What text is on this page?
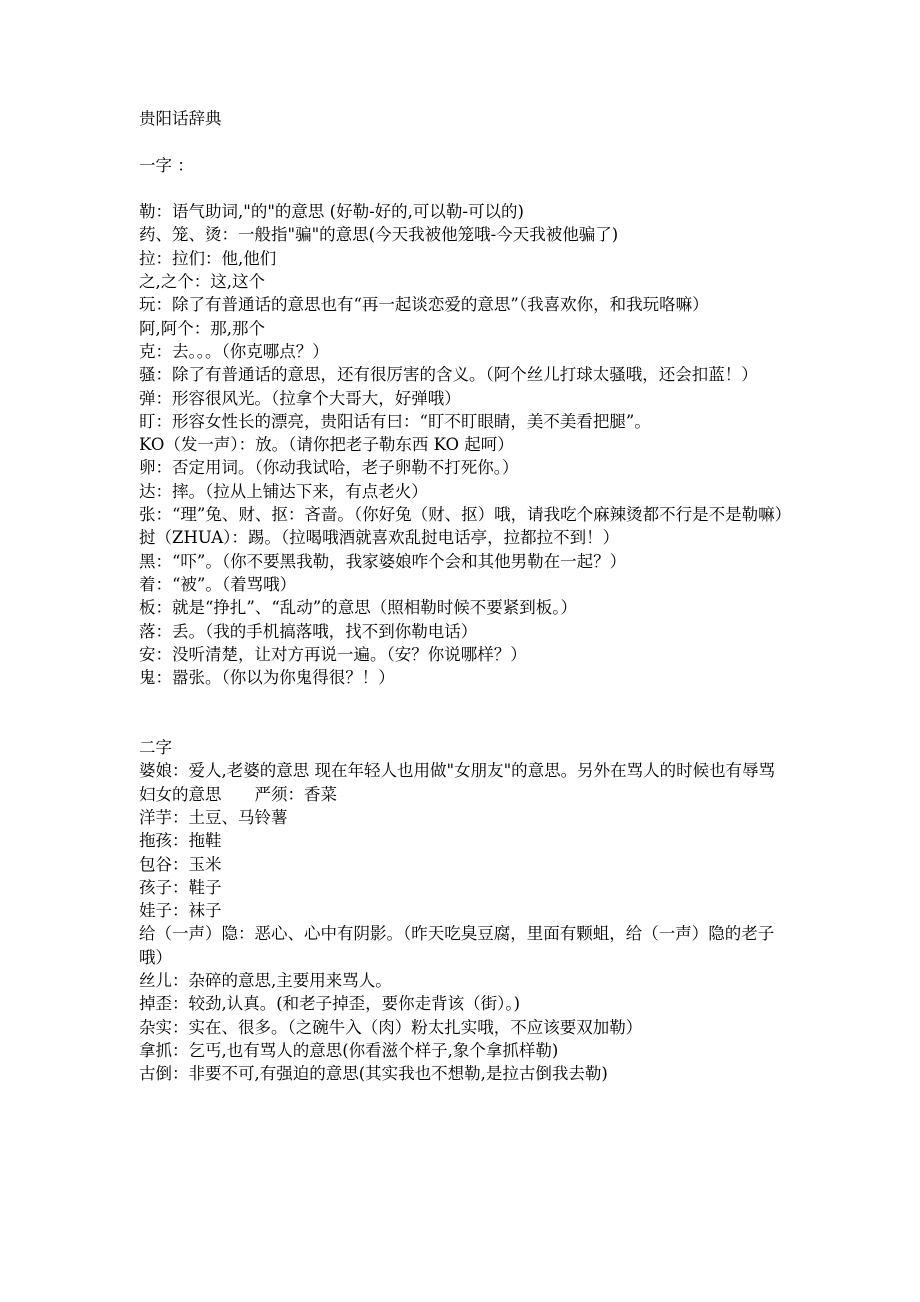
贵阳话辞典

一字 ：

勒：语气助词,"的"的意思 (好勒-好的,可以勒-可以的)

药、笼、烫：一般指"骗"的意思(今天我被他笼哦-今天我被他骗了)

拉：拉们：他,他们

之,之个：这,这个

玩：除了有普通话的意思也有“再一起谈恋爱的意思”（我喜欢你，和我玩咯嘛）

阿,阿个：那,那个

克：去。。。（你克哪点？）

骚：除了有普通话的意思，还有很厉害的含义。（阿个丝儿打球太骚哦，还会扣蓝！）

弹：形容很风光。（拉拿个大哥大，好弹哦）

盯：形容女性长的漂亮，贵阳话有曰：“盯不盯眼睛，美不美看把腿”。

KO（发一声）：放。（请你把老子勒东西 KO 起呵）

卵：否定用词。（你动我试哈，老子卵勒不打死你。）

达：摔。（拉从上铺达下来，有点老火）

张：“理”兔、财、抠：吝啬。（你好兔（财、抠）哦，请我吃个麻辣烫都不行是不是勒嘛）

挝（ZHUA）：踢。（拉喝哦酒就喜欢乱挝电话亭，拉都拉不到！）

黑：“吓”。（你不要黑我勒，我家婆娘咋个会和其他男勒在一起？）

着：“被”。（着骂哦）

板：就是“挣扎”、“乱动”的意思（照相勒时候不要紧到板。）

落：丢。（我的手机搞落哦，找不到你勒电话）

安：没听清楚，让对方再说一遍。（安？你说哪样？）

鬼：嚣张。（你以为你鬼得很？！）

二字

婆娘：爱人,老婆的意思 现在年轻人也用做"女朋友"的意思。另外在骂人的时候也有辱骂妇女的意思　　严须：香菜

洋芋：土豆、马铃薯

拖孩：拖鞋

包谷：玉米

孩子：鞋子

娃子：袜子

给（一声）隐：恶心、心中有阴影。（昨天吃臭豆腐，里面有颗蛆，给（一声）隐的老子哦）

丝儿：杂碎的意思,主要用来骂人。

掉歪：较劲,认真。(和老子掉歪，要你走背该（街）。)

杂实：实在、很多。（之碗牛入（肉）粉太扎实哦，不应该要双加勒）

拿抓：乞丐,也有骂人的意思(你看滋个样子,象个拿抓样勒)

古倒：非要不可,有强迫的意思(其实我也不想勒,是拉古倒我去勒)
